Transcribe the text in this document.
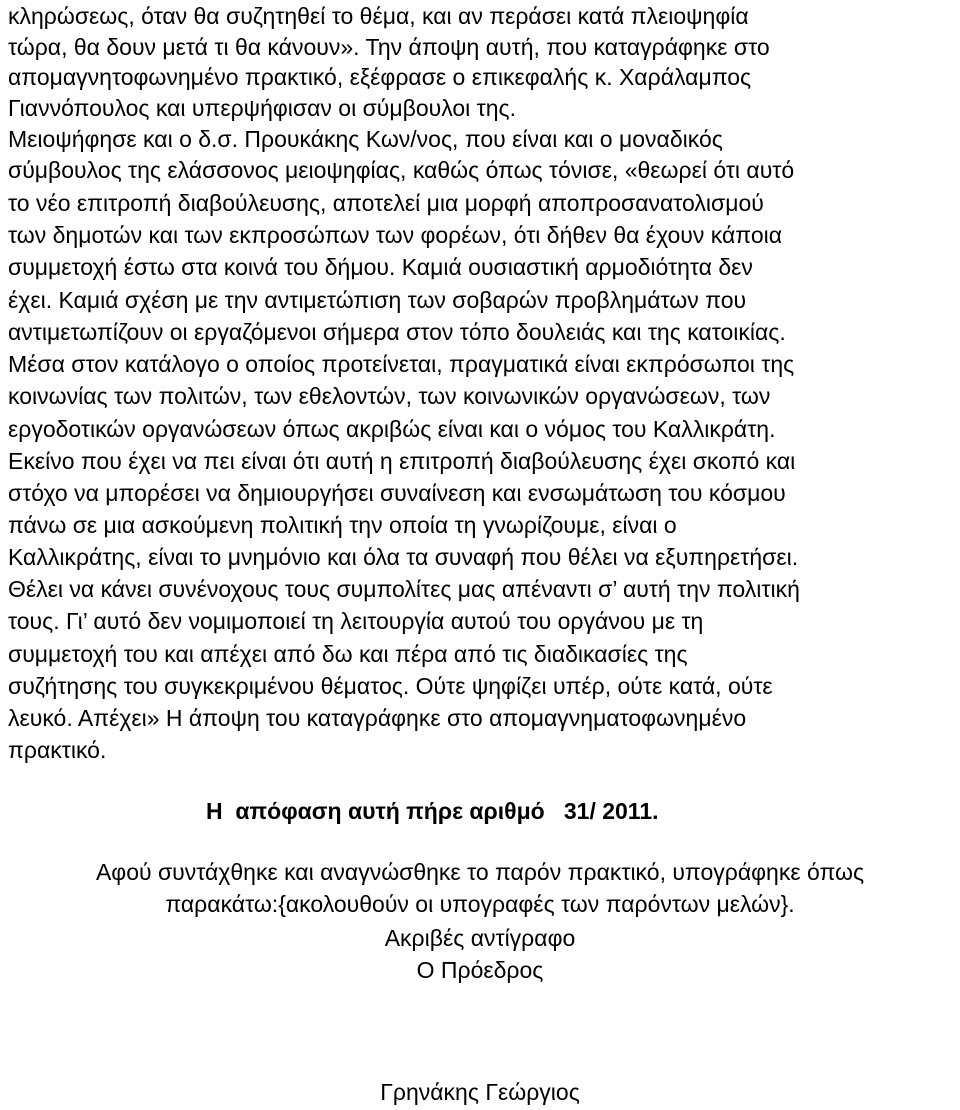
κληρώσεως, όταν θα συζητηθεί το θέμα, και αν περάσει κατά πλειοψηφία
τώρα, θα δουν μετά τι θα κάνουν». Την άποψη αυτή, που καταγράφηκε στο
απομαγνητοφωνημένο πρακτικό, εξέφρασε ο επικεφαλής κ. Χαράλαμπος
Γιαννόπουλος και υπερψήφισαν οι σύμβουλοι της.
Μειοψήφησε και ο δ.σ. Προυκάκης Κων/νος, που είναι και ο μοναδικός
σύμβουλος της ελάσσονος μειοψηφίας, καθώς όπως τόνισε, «θεωρεί ότι αυτό
το νέο επιτροπή διαβούλευσης, αποτελεί μια μορφή αποπροσανατολισμού
των δημοτών και των εκπροσώπων των φορέων, ότι δήθεν θα έχουν κάποια
συμμετοχή έστω στα κοινά του δήμου. Καμιά ουσιαστική αρμοδιότητα δεν
έχει. Καμιά σχέση με την αντιμετώπιση των σοβαρών προβλημάτων που
αντιμετωπίζουν οι εργαζόμενοι σήμερα στον τόπο δουλειάς και της κατοικίας.
Μέσα στον κατάλογο ο οποίος προτείνεται, πραγματικά είναι εκπρόσωποι της
κοινωνίας των πολιτών, των εθελοντών, των κοινωνικών οργανώσεων, των
εργοδοτικών οργανώσεων όπως ακριβώς είναι και ο νόμος του Καλλικράτη.
Εκείνο που έχει να πει είναι ότι αυτή η επιτροπή διαβούλευσης έχει σκοπό και
στόχο να μπορέσει να δημιουργήσει συναίνεση και ενσωμάτωση του κόσμου
πάνω σε μια ασκούμενη πολιτική την οποία τη γνωρίζουμε, είναι ο
Καλλικράτης, είναι το μνημόνιο και όλα τα συναφή που θέλει να εξυπηρετήσει.
Θέλει να κάνει συνένοχους τους συμπολίτες μας απέναντι σ’ αυτή την πολιτική
τους. Γι’ αυτό δεν νομιμοποιεί τη λειτουργία αυτού του οργάνου με τη
συμμετοχή του και απέχει από δω και πέρα από τις διαδικασίες της
συζήτησης του συγκεκριμένου θέματος. Ούτε ψηφίζει υπέρ, ούτε κατά, ούτε
λευκό. Απέχει» Η άποψη του καταγράφηκε στο απομαγνηματοφωνημένο
πρακτικό.
Η  απόφαση αυτή πήρε αριθμό   31/ 2011.
Αφού συντάχθηκε και αναγνώσθηκε το παρόν πρακτικό, υπογράφηκε όπως
παρακάτω:{ακολουθούν οι υπογραφές των παρόντων μελών}.
Ακριβές αντίγραφο
Ο Πρόεδρος
Γρηνάκης Γεώργιος
